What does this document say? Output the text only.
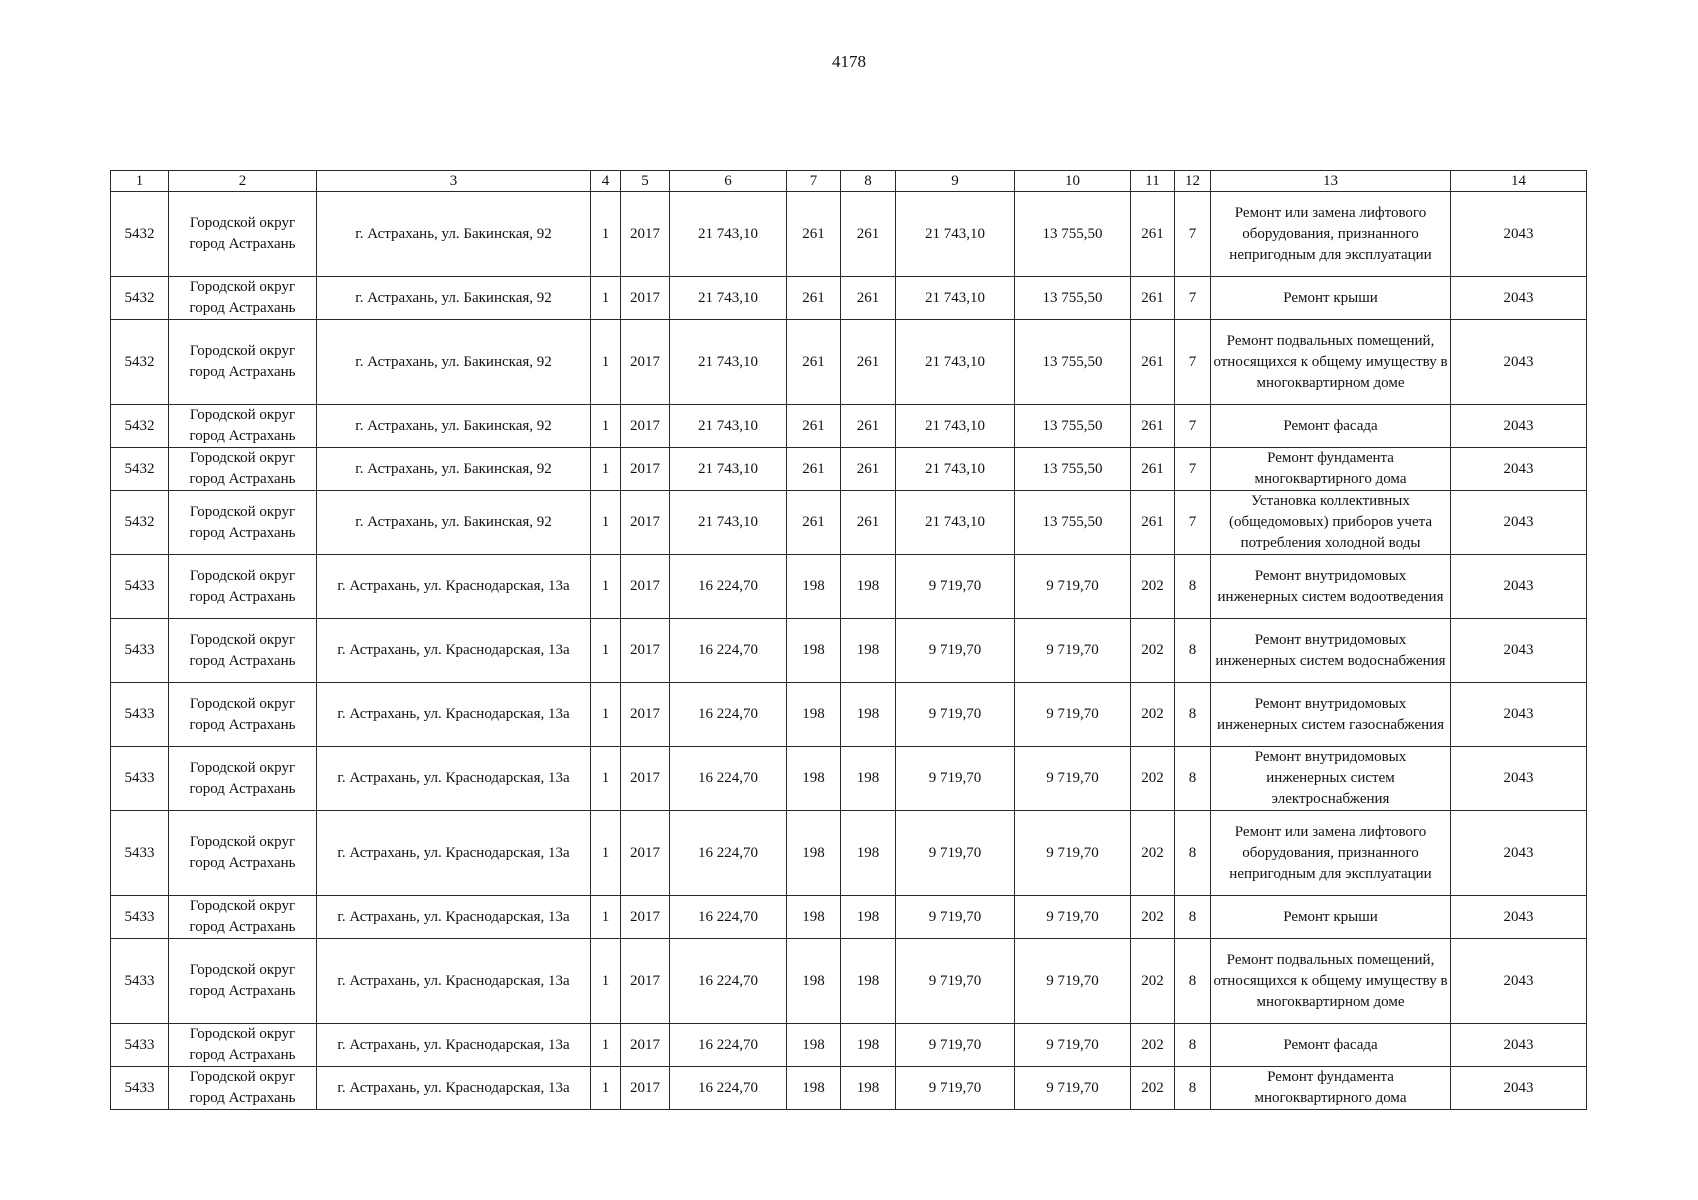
4178
1	2	3	4	5	6	7	8	9	10	11	12	13	14
5432	Городской округ город Астрахань	г. Астрахань, ул. Бакинская, 92	1	2017	21 743,10	261	261	21 743,10	13 755,50	261	7	Ремонт или замена лифтового оборудования, признанного непригодным для эксплуатации	2043
5432	Городской округ город Астрахань	г. Астрахань, ул. Бакинская, 92	1	2017	21 743,10	261	261	21 743,10	13 755,50	261	7	Ремонт крыши	2043
5432	Городской округ город Астрахань	г. Астрахань, ул. Бакинская, 92	1	2017	21 743,10	261	261	21 743,10	13 755,50	261	7	Ремонт подвальных помещений, относящихся к общему имуществу в многоквартирном доме	2043
5432	Городской округ город Астрахань	г. Астрахань, ул. Бакинская, 92	1	2017	21 743,10	261	261	21 743,10	13 755,50	261	7	Ремонт фасада	2043
5432	Городской округ город Астрахань	г. Астрахань, ул. Бакинская, 92	1	2017	21 743,10	261	261	21 743,10	13 755,50	261	7	Ремонт фундамента многоквартирного дома	2043
5432	Городской округ город Астрахань	г. Астрахань, ул. Бакинская, 92	1	2017	21 743,10	261	261	21 743,10	13 755,50	261	7	Установка коллективных (общедомовых) приборов учета потребления холодной воды	2043
5433	Городской округ город Астрахань	г. Астрахань, ул. Краснодарская, 13а	1	2017	16 224,70	198	198	9 719,70	9 719,70	202	8	Ремонт внутридомовых инженерных систем водоотведения	2043
5433	Городской округ город Астрахань	г. Астрахань, ул. Краснодарская, 13а	1	2017	16 224,70	198	198	9 719,70	9 719,70	202	8	Ремонт внутридомовых инженерных систем водоснабжения	2043
5433	Городской округ город Астрахань	г. Астрахань, ул. Краснодарская, 13а	1	2017	16 224,70	198	198	9 719,70	9 719,70	202	8	Ремонт внутридомовых инженерных систем газоснабжения	2043
5433	Городской округ город Астрахань	г. Астрахань, ул. Краснодарская, 13а	1	2017	16 224,70	198	198	9 719,70	9 719,70	202	8	Ремонт внутридомовых инженерных систем электроснабжения	2043
5433	Городской округ город Астрахань	г. Астрахань, ул. Краснодарская, 13а	1	2017	16 224,70	198	198	9 719,70	9 719,70	202	8	Ремонт или замена лифтового оборудования, признанного непригодным для эксплуатации	2043
5433	Городской округ город Астрахань	г. Астрахань, ул. Краснодарская, 13а	1	2017	16 224,70	198	198	9 719,70	9 719,70	202	8	Ремонт крыши	2043
5433	Городской округ город Астрахань	г. Астрахань, ул. Краснодарская, 13а	1	2017	16 224,70	198	198	9 719,70	9 719,70	202	8	Ремонт подвальных помещений, относящихся к общему имуществу в многоквартирном доме	2043
5433	Городской округ город Астрахань	г. Астрахань, ул. Краснодарская, 13а	1	2017	16 224,70	198	198	9 719,70	9 719,70	202	8	Ремонт фасада	2043
5433	Городской округ город Астрахань	г. Астрахань, ул. Краснодарская, 13а	1	2017	16 224,70	198	198	9 719,70	9 719,70	202	8	Ремонт фундамента многоквартирного дома	2043
